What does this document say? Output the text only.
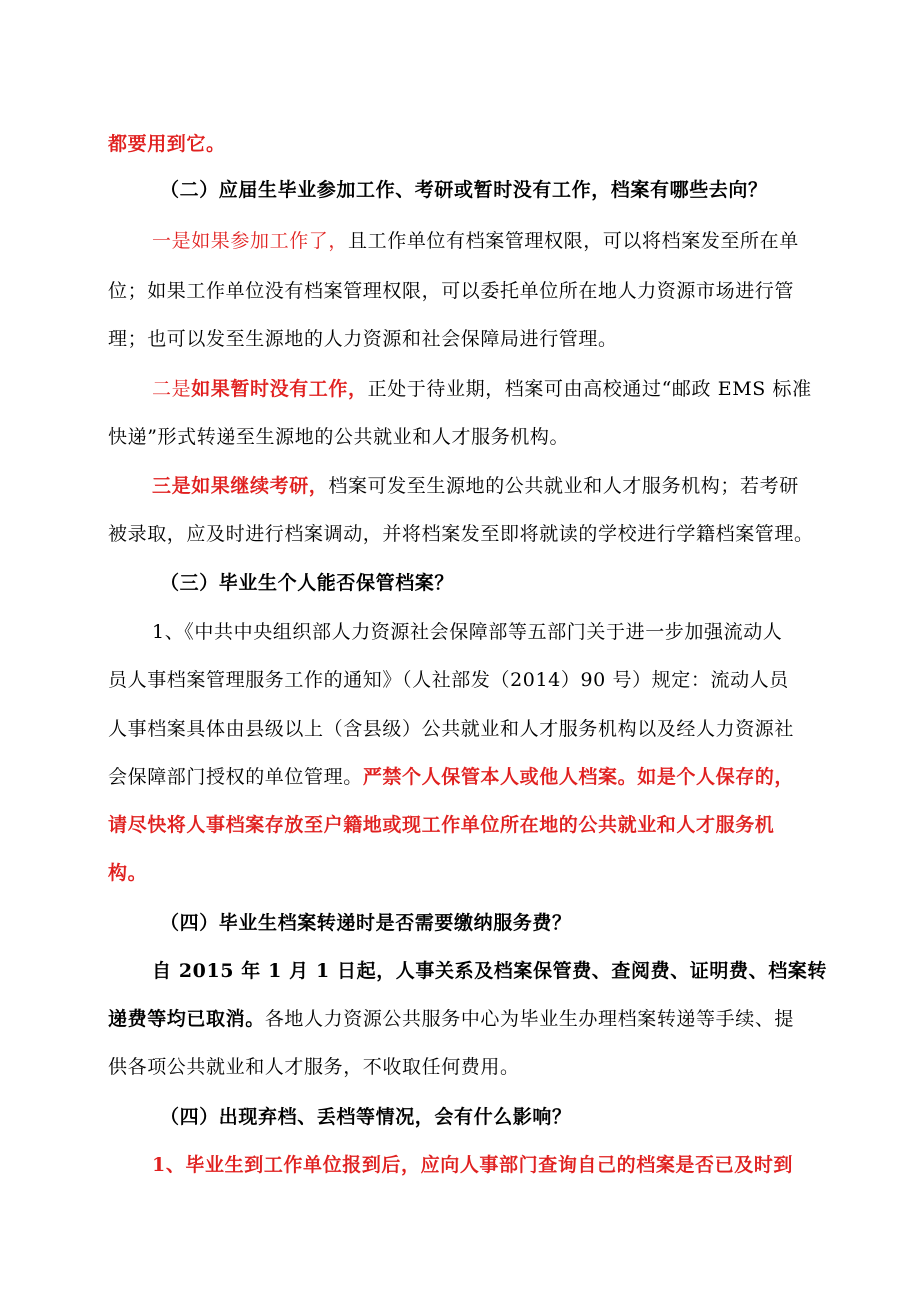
都要用到它。
（二）应届生毕业参加工作、考研或暂时没有工作，档案有哪些去向？
一是如果参加工作了，且工作单位有档案管理权限，可以将档案发至所在单
位；如果工作单位没有档案管理权限，可以委托单位所在地人力资源市场进行管
理；也可以发至生源地的人力资源和社会保障局进行管理。
二是如果暂时没有工作，正处于待业期，档案可由高校通过“邮政 EMS 标准
快递”形式转递至生源地的公共就业和人才服务机构。
三是如果继续考研，档案可发至生源地的公共就业和人才服务机构；若考研
被录取，应及时进行档案调动，并将档案发至即将就读的学校进行学籍档案管理。
（三）毕业生个人能否保管档案？
1、《中共中央组织部人力资源社会保障部等五部门关于进一步加强流动人
员人事档案管理服务工作的通知》（人社部发（2014）90 号）规定：流动人员
人事档案具体由县级以上（含县级）公共就业和人才服务机构以及经人力资源社
会保障部门授权的单位管理。严禁个人保管本人或他人档案。如是个人保存的，
请尽快将人事档案存放至户籍地或现工作单位所在地的公共就业和人才服务机
构。
（四）毕业生档案转递时是否需要缴纳服务费？
自 2015 年 1 月 1 日起，人事关系及档案保管费、查阅费、证明费、档案转
递费等均已取消。各地人力资源公共服务中心为毕业生办理档案转递等手续、提
供各项公共就业和人才服务，不收取任何费用。
（四）出现弃档、丢档等情况，会有什么影响？
1、毕业生到工作单位报到后，应向人事部门查询自己的档案是否已及时到
